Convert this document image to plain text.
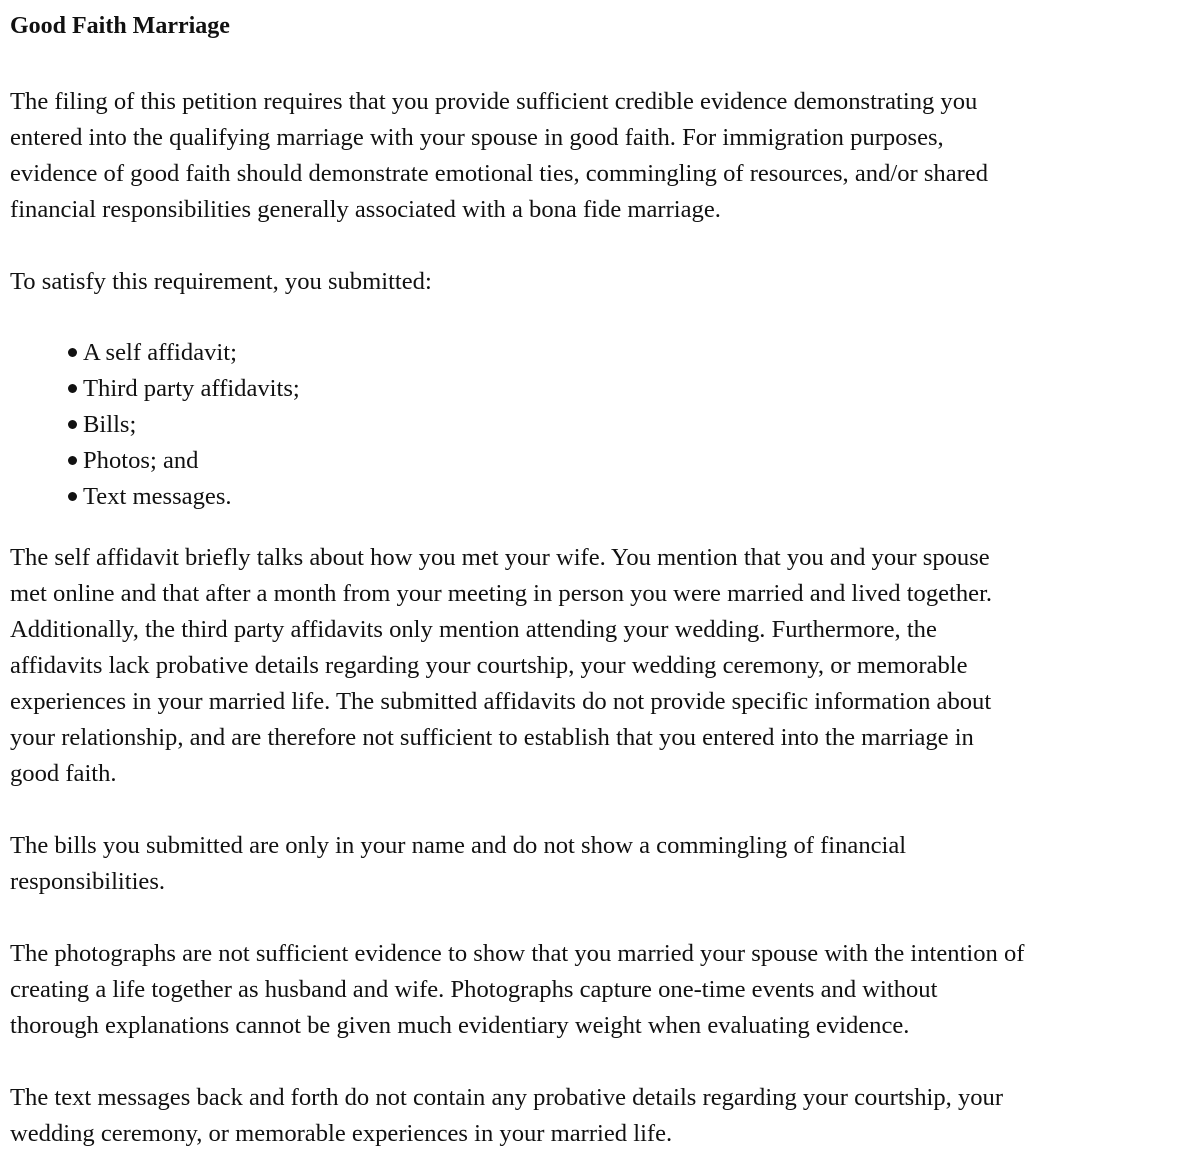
Good Faith Marriage

The filing of this petition requires that you provide sufficient credible evidence demonstrating you
entered into the qualifying marriage with your spouse in good faith. For immigration purposes,
evidence of good faith should demonstrate emotional ties, commingling of resources, and/or shared
financial responsibilities generally associated with a bona fide marriage.

To satisfy this requirement, you submitted:

A self affidavit;
Third party affidavits;
Bills;
Photos; and
Text messages.

The self affidavit briefly talks about how you met your wife. You mention that you and your spouse
met online and that after a month from your meeting in person you were married and lived together.
Additionally, the third party affidavits only mention attending your wedding. Furthermore, the
affidavits lack probative details regarding your courtship, your wedding ceremony, or memorable
experiences in your married life. The submitted affidavits do not provide specific information about
your relationship, and are therefore not sufficient to establish that you entered into the marriage in
good faith.

The bills you submitted are only in your name and do not show a commingling of financial
responsibilities.

The photographs are not sufficient evidence to show that you married your spouse with the intention of
creating a life together as husband and wife. Photographs capture one-time events and without
thorough explanations cannot be given much evidentiary weight when evaluating evidence.

The text messages back and forth do not contain any probative details regarding your courtship, your
wedding ceremony, or memorable experiences in your married life.
